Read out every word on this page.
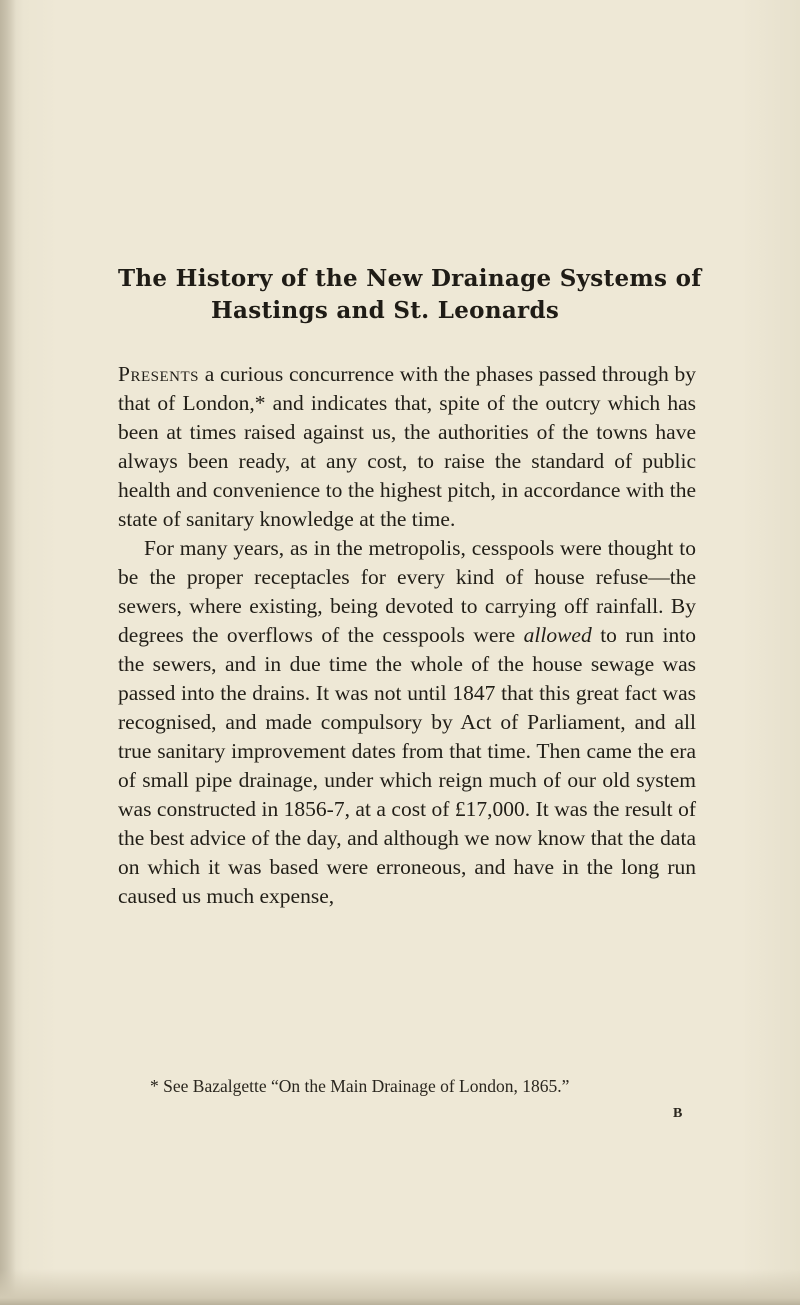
The History of the New Drainage Systems of
Hastings and St. Leonards

Presents a curious concurrence with the phases passed through by that of London,* and indicates that, spite of the outcry which has been at times raised against us, the authorities of the towns have always been ready, at any cost, to raise the standard of public health and convenience to the highest pitch, in accordance with the state of sanitary knowledge at the time.

For many years, as in the metropolis, cesspools were thought to be the proper receptacles for every kind of house refuse—the sewers, where existing, being devoted to carrying off rainfall. By degrees the overflows of the cesspools were allowed to run into the sewers, and in due time the whole of the house sewage was passed into the drains. It was not until 1847 that this great fact was recognised, and made compulsory by Act of Parliament, and all true sanitary improvement dates from that time. Then came the era of small pipe drainage, under which reign much of our old system was constructed in 1856-7, at a cost of £17,000. It was the result of the best advice of the day, and although we now know that the data on which it was based were erroneous, and have in the long run caused us much expense,

* See Bazalgette “On the Main Drainage of London, 1865.”
B
